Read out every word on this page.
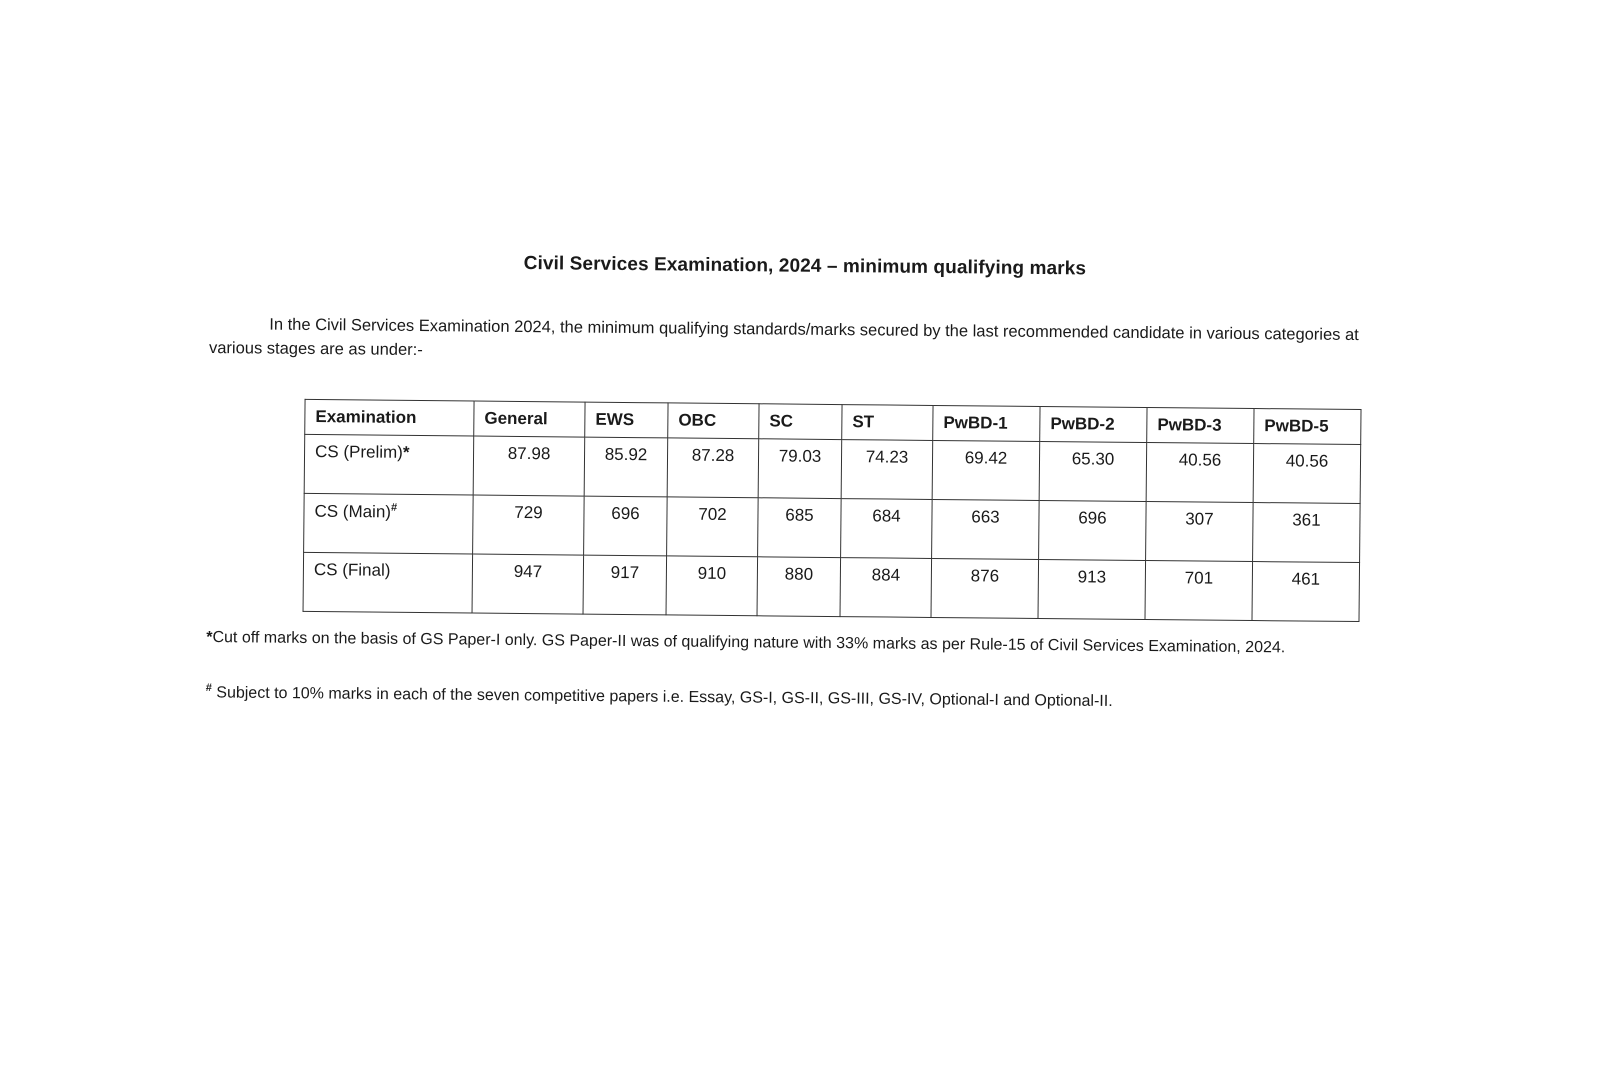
Civil Services Examination, 2024 – minimum qualifying marks

In the Civil Services Examination 2024, the minimum qualifying standards/marks secured by the last recommended candidate in various categories at various stages are as under:-

Examination	General	EWS	OBC	SC	ST	PwBD-1	PwBD-2	PwBD-3	PwBD-5
CS (Prelim)*	87.98	85.92	87.28	79.03	74.23	69.42	65.30	40.56	40.56
CS (Main)#	729	696	702	685	684	663	696	307	361
CS (Final)	947	917	910	880	884	876	913	701	461

*Cut off marks on the basis of GS Paper-I only. GS Paper-II was of qualifying nature with 33% marks as per Rule-15 of Civil Services Examination, 2024.

# Subject to 10% marks in each of the seven competitive papers i.e. Essay, GS-I, GS-II, GS-III, GS-IV, Optional-I and Optional-II.
